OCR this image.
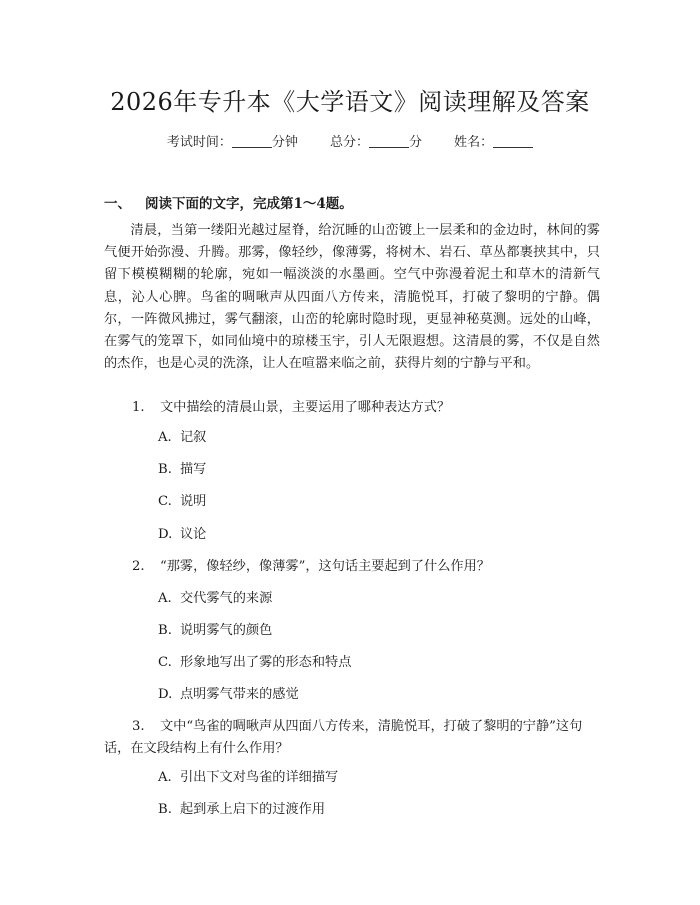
2026年专升本《大学语文》阅读理解及答案
考试时间：	分钟 总分：	分 姓名：
一、 阅读下面的文字，完成第1～4题。
清晨，当第一缕阳光越过屋脊，给沉睡的山峦镀上一层柔和的金边时，林间的雾气便开始弥漫、升腾。那雾，像轻纱，像薄雾，将树木、岩石、草丛都裹挟其中，只留下模模糊糊的轮廓，宛如一幅淡淡的水墨画。空气中弥漫着泥土和草木的清新气息，沁人心脾。鸟雀的啁啾声从四面八方传来，清脆悦耳，打破了黎明的宁静。偶尔，一阵微风拂过，雾气翻滚，山峦的轮廓时隐时现，更显神秘莫测。远处的山峰，在雾气的笼罩下，如同仙境中的琼楼玉宇，引人无限遐想。这清晨的雾，不仅是自然的杰作，也是心灵的洗涤，让人在喧嚣来临之前，获得片刻的宁静与平和。
1. 文中描绘的清晨山景，主要运用了哪种表达方式？
A. 记叙
B. 描写
C. 说明
D. 议论
2. “那雾，像轻纱，像薄雾”，这句话主要起到了什么作用？
A. 交代雾气的来源
B. 说明雾气的颜色
C. 形象地写出了雾的形态和特点
D. 点明雾气带来的感觉
3. 文中“鸟雀的啁啾声从四面八方传来，清脆悦耳，打破了黎明的宁静”这句话，在文段结构上有什么作用？
A. 引出下文对鸟雀的详细描写
B. 起到承上启下的过渡作用
